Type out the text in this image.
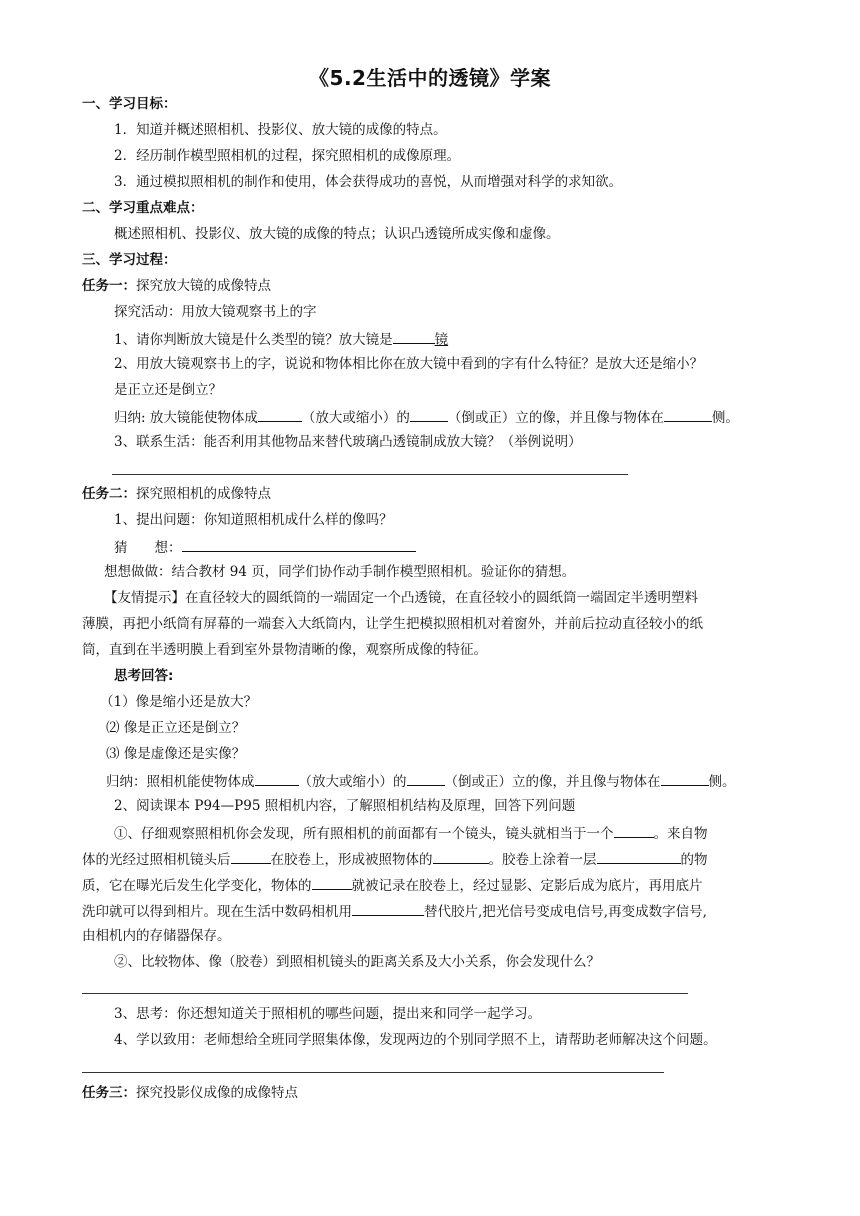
《5.2生活中的透镜》学案
一、学习目标：
1．知道并概述照相机、投影仪、放大镜的成像的特点。
2．经历制作模型照相机的过程，探究照相机的成像原理。
3．通过模拟照相机的制作和使用，体会获得成功的喜悦，从而增强对科学的求知欲。
二、学习重点难点：
概述照相机、投影仪、放大镜的成像的特点；认识凸透镜所成实像和虚像。
三、学习过程：
任务一：探究放大镜的成像特点
探究活动：用放大镜观察书上的字
1、请你判断放大镜是什么类型的镜？放大镜是	镜
2、用放大镜观察书上的字，说说和物体相比你在放大镜中看到的字有什么特征？是放大还是缩小？
是正立还是倒立？
归纳: 放大镜能使物体成	（放大或缩小）的	（倒或正）立的像，并且像与物体在	侧。
3、联系生活：能否利用其他物品来替代玻璃凸透镜制成放大镜？（举例说明）
任务二：探究照相机的成像特点
1、提出问题：你知道照相机成什么样的像吗？
猜　　想：
想想做做：结合教材 94 页，同学们协作动手制作模型照相机。验证你的猜想。
【友情提示】在直径较大的圆纸筒的一端固定一个凸透镜，在直径较小的圆纸筒一端固定半透明塑料
薄膜，再把小纸筒有屏幕的一端套入大纸筒内，让学生把模拟照相机对着窗外，并前后拉动直径较小的纸
筒，直到在半透明膜上看到室外景物清晰的像，观察所成像的特征。
思考回答:
（1）像是缩小还是放大？
⑵ 像是正立还是倒立？
⑶ 像是虚像还是实像？
归纳：照相机能使物体成	（放大或缩小）的	（倒或正）立的像，并且像与物体在	侧。
2、阅读课本 P94—P95 照相机内容，了解照相机结构及原理，回答下列问题
①、仔细观察照相机你会发现，所有照相机的前面都有一个镜头，镜头就相当于一个	。来自物
体的光经过照相机镜头后	在胶卷上，形成被照物体的	。胶卷上涂着一层	的物
质，它在曝光后发生化学变化，物体的	就被记录在胶卷上，经过显影、定影后成为底片，再用底片
洗印就可以得到相片。现在生活中数码相机用	替代胶片,把光信号变成电信号,再变成数字信号,
由相机内的存储器保存。
②、比较物体、像（胶卷）到照相机镜头的距离关系及大小关系，你会发现什么？
3、思考：你还想知道关于照相机的哪些问题，提出来和同学一起学习。
4、学以致用：老师想给全班同学照集体像，发现两边的个别同学照不上，请帮助老师解决这个问题。
任务三：探究投影仪成像的成像特点
